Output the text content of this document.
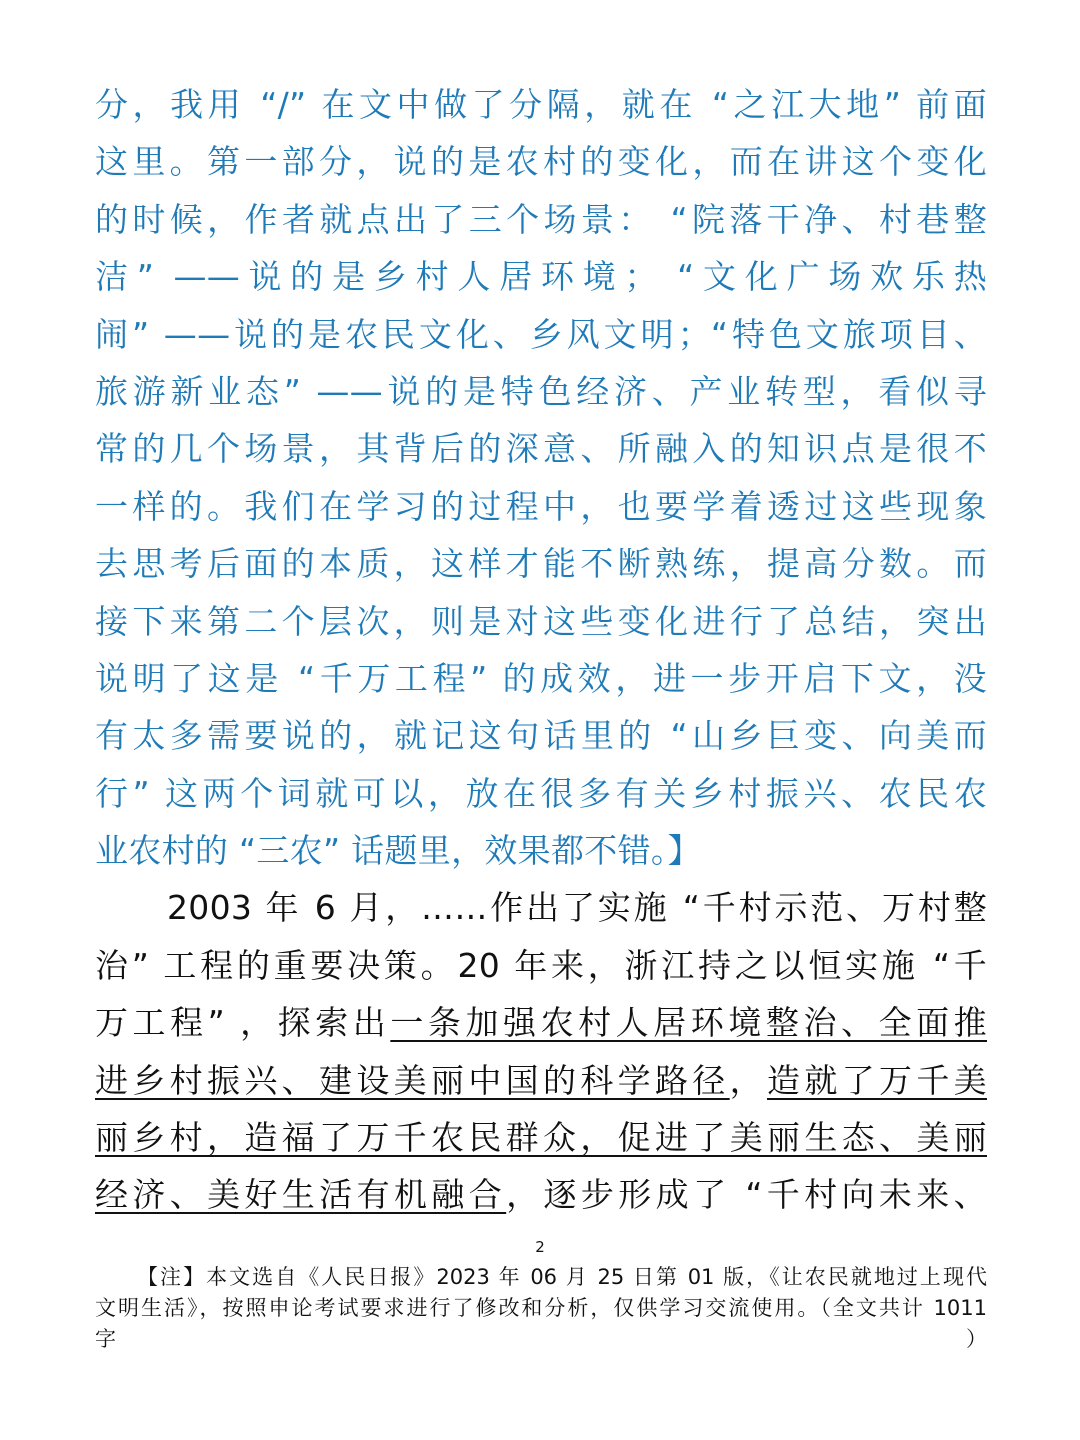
分，我用 “/” 在文中做了分隔，就在 “之江大地” 前面
这里。第一部分，说的是农村的变化，而在讲这个变化
的时候，作者就点出了三个场景： “院落干净、村巷整
洁” ——说的是乡村人居环境； “文化广场欢乐热
闹” ——说的是农民文化、乡风文明；“特色文旅项目、
旅游新业态” ——说的是特色经济、产业转型，看似寻
常的几个场景，其背后的深意、所融入的知识点是很不
一样的。我们在学习的过程中，也要学着透过这些现象
去思考后面的本质，这样才能不断熟练，提高分数。而
接下来第二个层次，则是对这些变化进行了总结，突出
说明了这是 “千万工程” 的成效，进一步开启下文，没
有太多需要说的，就记这句话里的 “山乡巨变、向美而
行” 这两个词就可以，放在很多有关乡村振兴、农民农
业农村的 “三农” 话题里，效果都不错。】
2003 年 6 月，……作出了实施 “千村示范、万村整
治” 工程的重要决策。20 年来，浙江持之以恒实施 “千
万工程” ，探索出一条加强农村人居环境整治、全面推
进乡村振兴、建设美丽中国的科学路径，造就了万千美
丽乡村，造福了万千农民群众，促进了美丽生态、美丽
经济、美好生活有机融合，逐步形成了 “千村向未来、
2
【注】本文选自《人民日报》2023 年 06 月 25 日第 01 版，《让农民就地过上现代
文明生活》，按照申论考试要求进行了修改和分析，仅供学习交流使用。（全文共计 1011
字）
